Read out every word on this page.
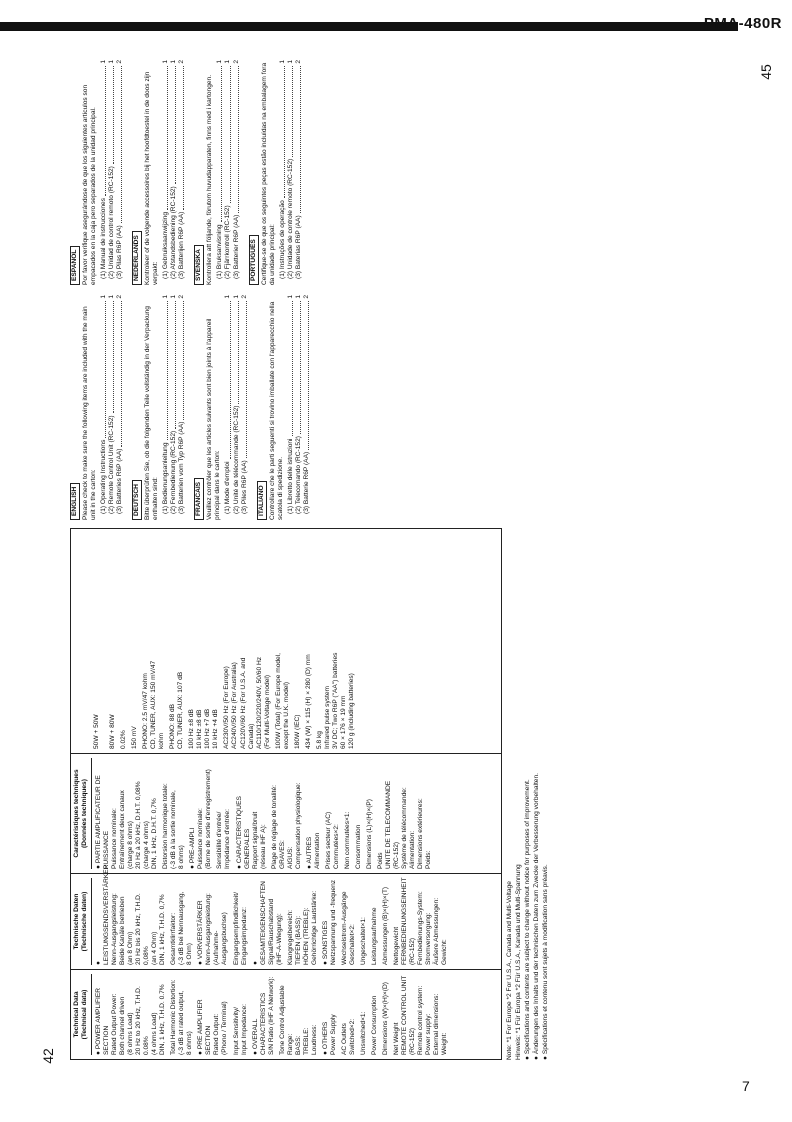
PMA-480R
45
42
7
Technical Data
(Technical data)
● POWER AMPLIFIER SECTION
Rated Output Power:
Both channel driven
(8 ohms Load)
20 Hz to 20 kHz, T.H.D. 0.08%
(4 ohms Load)
DIN, 1 kHz, T.H.D. 0.7%
Total Harmonic Distortion:
(-3 dB at rated output,
8 ohms)
● PRE AMPLIFIER SECTION
Rated Output:
(Phono / Terminal)
Input Sensitivity/
Input Impedance:
● OVERALL CHARACTERISTICS
S/N Ratio (IHF A Network):
Tone Control Adjustable
Range:
BASS:
TREBLE:
Loudness: ● OTHERS
Power Supply
AC Outlets
Switched×2: Unswitched×1: Power Consumption Dimensions (W)×(H)×(D) Net Weight
REMOTE CONTROL UNIT
(RC-152)
Remote control system:
Power supply:
External dimensions:
Weight:
Technische Daten
(Technische daten)
● LEISTUNGSENDSVERSTÄRKER
Nenn-Ausgangsleistung:
Beide Kanäle betrieben
(an 8 Ohm)
20 Hz bis 20 kHz, T.H.D. 0,08%
(an 4 Ohm)
DIN, 1 kHz, T.H.D. 0,7%
Gesamtklirrfaktor:
(-3 dB bei Nennausgang,
8 Ohm)
● VORVERSTÄRKER
Nenn-Ausgangsleistung:
(Aufnahme-Ausgangsbuchse) Eingangsempfindlichkeit/
Eingangsimpedanz: ● GESAMTEIGENSCHAFTEN
Signal/Rauschabstand
(IHF-A-Wiegung): Klangregelbereich:
TIEFEN (BASS):
HÖHEN (TREBLE):
Gehörrichtige Lautstärke:
● SONSTIGES
Netzspannung und -frequenz Wechselstrom-Ausgänge
Geschaltet×2: Ungeschaltet×1: Leistungsaufnahme Abmessungen (B)×(H)×(T) Nettogewicht
FERNBEDIENUNGSEINHEIT
(RC-152)
Fernbedienungs-System:
Stromversorgung:
Äußere Abmessungen:
Gewicht:
Caractéristiques techniques
(Données techniques)
● PARTIE AMPLIFICATEUR DE PUISSANCE
Puissance nominale:
Entraînement deux canaux
(charge 8 ohms)
20 Hz à 20 kHz, D.H.T. 0,08%
(charge 4 ohms)
DIN, 1 kHz, D.H.T. 0,7%
Distorsion harmonique totale:
(-3 dB à la sortie nominale,
8 ohms)
● PRE-AMPLI
Puissance nominale:
(Borne de sortie d'enregistrement)
Sensibilité d'entrée/
Impédance d'entrée:
● CARACTERISTIQUES GENERALES
Rapport signal/bruit
(réseau IHF A):
Plage de réglage de tonalité:
GRAVES:
AIGUS:
Compensation physiologique:
● AUTRES
Alimentation Prises secteur (AC)
Commutées×2: Non commutées×1: Consommation Dimensions (L)×(H)×(P) Poids
UNITE DE TELECOMMANDE
(RC-152)
Système de télécommande:
Alimentation:
Dimensions extérieures:
Poids:
50W + 50W

80W + 80W
0.02% 150 mV PHONO: 2.5 mV/47 kohm
CD, TUNER, AUX: 150 mV/47 kohm PHONO: 88 dB
CD, TUNER, AUX: 107 dB
100 Hz ±8 dB
10 kHz ±8 dB
100 Hz +7 dB
10 kHz +4 dB
AC230V/50 Hz (For Europe)
AC240V/50 Hz (For Australia)
AC120V/60 Hz (For U.S.A. and Canada)
AC110/120/220/240V, 50/60 Hz
(For Multi-Voltage model)
100W (Total) (For Europe model,
except the U.K. model)
180W (IEC) 434 (W) × 115 (H) × 280 (D) mm 5.8 kg
Infrared pulse system
3V DC; Two R6P ("AA") batteries
60 × 176 × 19 mm
120 g (including batteries)
Note: *1 For Europe *2 For U.S.A., Canada and Multi-Voltage Hinweis: *1 Für Europa *2 Für U.S.A., Kanada und Multi-Spannung ● Specifications and contents are subject to change without notice for purposes of improvement. ● Änderungen des Inhalts und der technischen Daten zum Zwecke der Verbesserung vorbehalten. ● Spécifications et contenu sont sujets à modification sans préavis.
ENGLISH Please check to make sure the following items are included with the main unit in the carton: (1) Operating Instructions
1
(2) Remote Control Unit (RC-152)
1
(3) Batteries R6P (AA)
2
DEUTSCH Bitte überprüfen Sie, ob die folgenden Teile vollständig in der Verpackung enthalten sind: (1) Bedienungsanleitung
1
(2) Fernbedienung (RC-152)
1
(3) Batterien vom Typ R6P (AA)
2
FRANCAIS Veuillez contrôler que les articles suivants sont bien joints à l'appareil principal dans le carton: (1) Mode d'emploi
1
(2) Unité de télécommande (RC-152)
1
(3) Piles R6P (AA)
2
ITALIANO Controllare che le parti seguenti si trovino imballate con l'apparecchio nella scatola di spedizione. (1) Libretto delle istruzioni
1
(2) Telecomando (RC-152)
1
(3) Batterie R6P (AA)
2
ESPAÑOL Por favor verifique asegurándose de que los siguientes artículos son empacados en la caja pero separados de la unidad principal. (1) Manual de instrucciones
1
(2) Unidad de control remoto (RC-152)
1
(3) Pilas R6P (AA)
2
NEDERLANDS Kontroleer of de volgende accessoires bij het hoofdtoestel in de doos zijn verpakt: (1) Gebruiksaanwijzing
1
(2) Afstandsbediening (RC-152)
1
(3) Batterijen R6P (AA)
2
SVENSKA Kontrollera att följande, förutom huvudapparaten, finns med i kartongen. (1) Bruksanvisning
1
(2) Fjärrkontroll (RC-152)
1
(3) Batterier R6P (AA)
2
PORTUGUÊS Certifique-se de que os seguintes peças estão incluídas na embalagem fora da unidade principal: (1) Instruções de operação
1
(2) Unidade de controle remoto (RC-152)
1
(3) Baterias R6P (AA)
2
